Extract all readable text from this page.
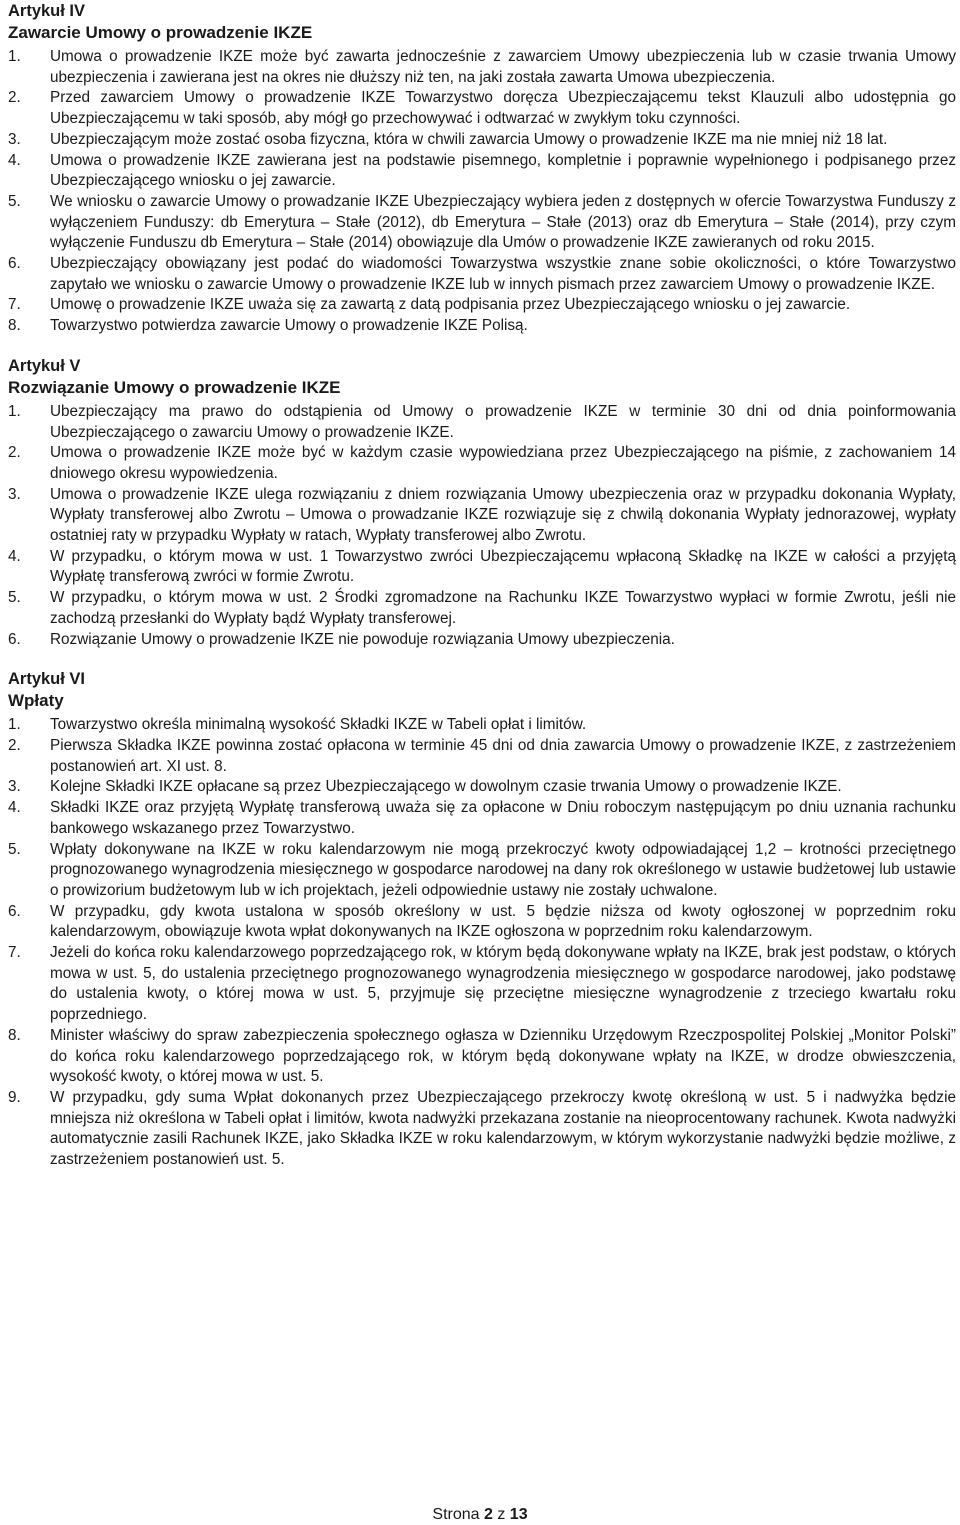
Artykuł IV
Zawarcie Umowy o prowadzenie IKZE
1. Umowa o prowadzenie IKZE może być zawarta jednocześnie z zawarciem Umowy ubezpieczenia lub w czasie trwania Umowy ubezpieczenia i zawierana jest na okres nie dłuższy niż ten, na jaki została zawarta Umowa ubezpieczenia.
2. Przed zawarciem Umowy o prowadzenie IKZE Towarzystwo doręcza Ubezpieczającemu tekst Klauzuli albo udostępnia go Ubezpieczającemu w taki sposób, aby mógł go przechowywać i odtwarzać w zwykłym toku czynności.
3. Ubezpieczającym może zostać osoba fizyczna, która w chwili zawarcia Umowy o prowadzenie IKZE ma nie mniej niż 18 lat.
4. Umowa o prowadzenie IKZE zawierana jest na podstawie pisemnego, kompletnie i poprawnie wypełnionego i podpisanego przez Ubezpieczającego wniosku o jej zawarcie.
5. We wniosku o zawarcie Umowy o prowadzanie IKZE Ubezpieczający wybiera jeden z dostępnych w ofercie Towarzystwa Funduszy z wyłączeniem Funduszy: db Emerytura – Stałe (2012), db Emerytura – Stałe (2013) oraz db Emerytura – Stałe (2014), przy czym wyłączenie Funduszu db Emerytura – Stałe (2014) obowiązuje dla Umów o prowadzenie IKZE zawieranych od roku 2015.
6. Ubezpieczający obowiązany jest podać do wiadomości Towarzystwa wszystkie znane sobie okoliczności, o które Towarzystwo zapytało we wniosku o zawarcie Umowy o prowadzenie IKZE lub w innych pismach przez zawarciem Umowy o prowadzenie IKZE.
7. Umowę o prowadzenie IKZE uważa się za zawartą z datą podpisania przez Ubezpieczającego wniosku o jej zawarcie.
8. Towarzystwo potwierdza zawarcie Umowy o prowadzenie IKZE Polisą.
Artykuł V
Rozwiązanie Umowy o prowadzenie IKZE
1. Ubezpieczający ma prawo do odstąpienia od Umowy o prowadzenie IKZE w terminie 30 dni od dnia poinformowania Ubezpieczającego o zawarciu Umowy o prowadzenie IKZE.
2. Umowa o prowadzenie IKZE może być w każdym czasie wypowiedziana przez Ubezpieczającego na piśmie, z zachowaniem 14 dniowego okresu wypowiedzenia.
3. Umowa o prowadzenie IKZE ulega rozwiązaniu z dniem rozwiązania Umowy ubezpieczenia oraz w przypadku dokonania Wypłaty, Wypłaty transferowej albo Zwrotu – Umowa o prowadzanie IKZE rozwiązuje się z chwilą dokonania Wypłaty jednorazowej, wypłaty ostatniej raty w przypadku Wypłaty w ratach, Wypłaty transferowej albo Zwrotu.
4. W przypadku, o którym mowa w ust. 1 Towarzystwo zwróci Ubezpieczającemu wpłaconą Składkę na IKZE w całości a przyjętą Wypłatę transferową zwróci w formie Zwrotu.
5. W przypadku, o którym mowa w ust. 2 Środki zgromadzone na Rachunku IKZE Towarzystwo wypłaci w formie Zwrotu, jeśli nie zachodzą przesłanki do Wypłaty bądź Wypłaty transferowej.
6. Rozwiązanie Umowy o prowadzenie IKZE nie powoduje rozwiązania Umowy ubezpieczenia.
Artykuł VI
Wpłaty
1. Towarzystwo określa minimalną wysokość Składki IKZE w Tabeli opłat i limitów.
2. Pierwsza Składka IKZE powinna zostać opłacona w terminie 45 dni od dnia zawarcia Umowy o prowadzenie IKZE, z zastrzeżeniem postanowień art. XI ust. 8.
3. Kolejne Składki IKZE opłacane są przez Ubezpieczającego w dowolnym czasie trwania Umowy o prowadzenie IKZE.
4. Składki IKZE oraz przyjętą Wypłatę transferową uważa się za opłacone w Dniu roboczym następującym po dniu uznania rachunku bankowego wskazanego przez Towarzystwo.
5. Wpłaty dokonywane na IKZE w roku kalendarzowym nie mogą przekroczyć kwoty odpowiadającej 1,2 – krotności przeciętnego prognozowanego wynagrodzenia miesięcznego w gospodarce narodowej na dany rok określonego w ustawie budżetowej lub ustawie o prowizorium budżetowym lub w ich projektach, jeżeli odpowiednie ustawy nie zostały uchwalone.
6. W przypadku, gdy kwota ustalona w sposób określony w ust. 5 będzie niższa od kwoty ogłoszonej w poprzednim roku kalendarzowym, obowiązuje kwota wpłat dokonywanych na IKZE ogłoszona w poprzednim roku kalendarzowym.
7. Jeżeli do końca roku kalendarzowego poprzedzającego rok, w którym będą dokonywane wpłaty na IKZE, brak jest podstaw, o których mowa w ust. 5, do ustalenia przeciętnego prognozowanego wynagrodzenia miesięcznego w gospodarce narodowej, jako podstawę do ustalenia kwoty, o której mowa w ust. 5, przyjmuje się przeciętne miesięczne wynagrodzenie z trzeciego kwartału roku poprzedniego.
8. Minister właściwy do spraw zabezpieczenia społecznego ogłasza w Dzienniku Urzędowym Rzeczpospolitej Polskiej „Monitor Polski” do końca roku kalendarzowego poprzedzającego rok, w którym będą dokonywane wpłaty na IKZE, w drodze obwieszczenia, wysokość kwoty, o której mowa w ust. 5.
9. W przypadku, gdy suma Wpłat dokonanych przez Ubezpieczającego przekroczy kwotę określoną w ust. 5 i nadwyżka będzie mniejsza niż określona w Tabeli opłat i limitów, kwota nadwyżki przekazana zostanie na nieoprocentowany rachunek. Kwota nadwyżki automatycznie zasili Rachunek IKZE, jako Składka IKZE w roku kalendarzowym, w którym wykorzystanie nadwyżki będzie możliwe, z zastrzeżeniem postanowień ust. 5.
Strona 2 z 13
